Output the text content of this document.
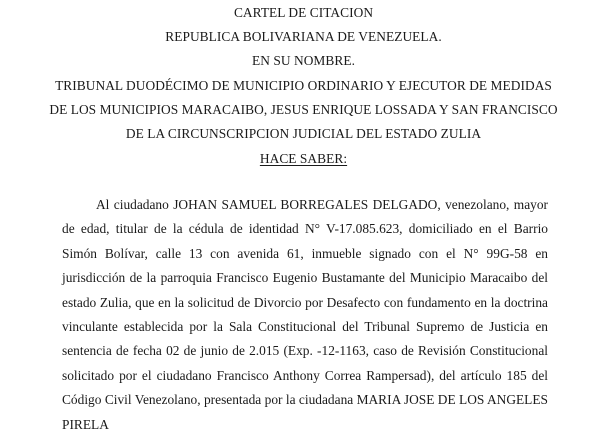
CARTEL DE CITACION
REPUBLICA BOLIVARIANA DE VENEZUELA.
EN SU NOMBRE.
TRIBUNAL DUODÉCIMO DE MUNICIPIO ORDINARIO Y EJECUTOR DE MEDIDAS
DE LOS MUNICIPIOS MARACAIBO, JESUS ENRIQUE LOSSADA Y SAN FRANCISCO
DE LA CIRCUNSCRIPCION JUDICIAL DEL ESTADO ZULIA
HACE SABER:

Al ciudadano JOHAN SAMUEL BORREGALES DELGADO, venezolano, mayor de edad, titular de la cédula de identidad N° V-17.085.623, domiciliado en el Barrio Simón Bolívar, calle 13 con avenida 61, inmueble signado con el N° 99G-58 en jurisdicción de la parroquia Francisco Eugenio Bustamante del Municipio Maracaibo del estado Zulia, que en la solicitud de Divorcio por Desafecto con fundamento en la doctrina vinculante establecida por la Sala Constitucional del Tribunal Supremo de Justicia en sentencia de fecha 02 de junio de 2.015 (Exp. -12-1163, caso de Revisión Constitucional solicitado por el ciudadano Francisco Anthony Correa Rampersad), del artículo 185 del Código Civil Venezolano, presentada por la ciudadana MARIA JOSE DE LOS ANGELES PIRELA
